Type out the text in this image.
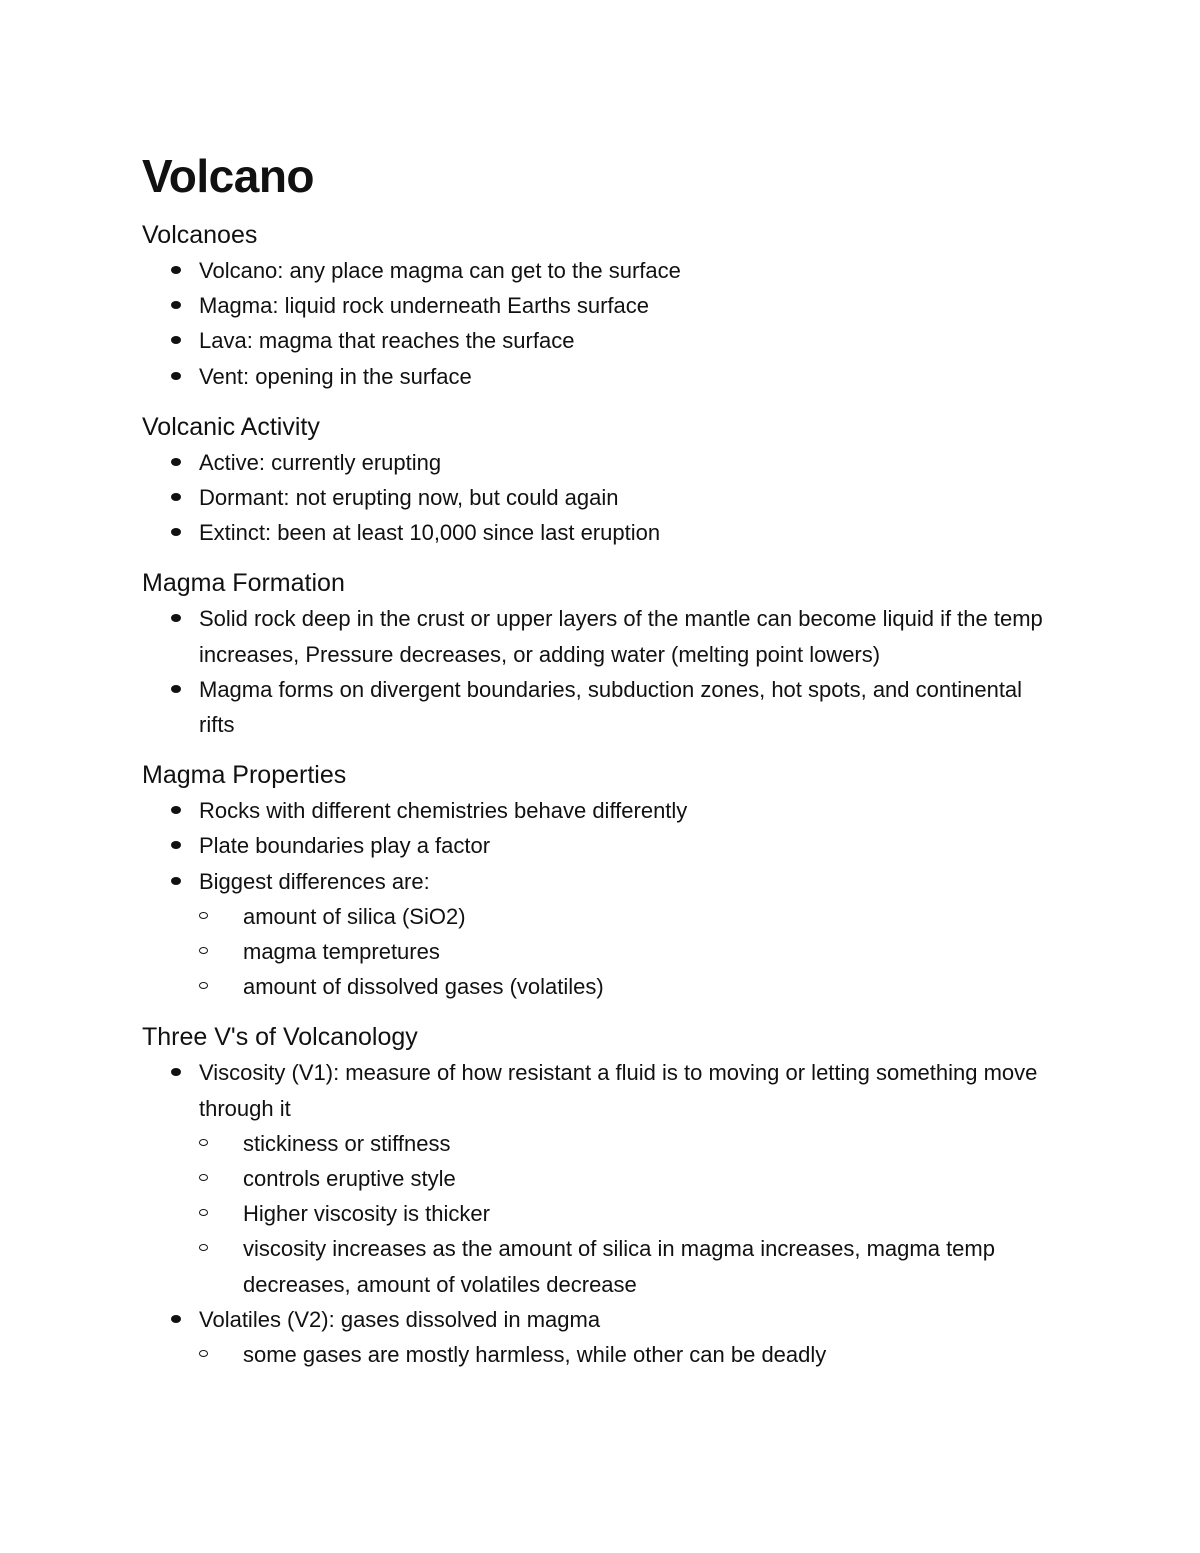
Volcano
Volcanoes
Volcano: any place magma can get to the surface
Magma: liquid rock underneath Earths surface
Lava: magma that reaches the surface
Vent: opening in the surface
Volcanic Activity
Active: currently erupting
Dormant: not erupting now, but could again
Extinct: been at least 10,000 since last eruption
Magma Formation
Solid rock deep in the crust or upper layers of the mantle can become liquid if the temp increases, Pressure decreases, or adding water (melting point lowers)
Magma forms on divergent boundaries, subduction zones, hot spots, and continental rifts
Magma Properties
Rocks with different chemistries behave differently
Plate boundaries play a factor
Biggest differences are:
amount of silica (SiO2)
magma tempretures
amount of dissolved gases (volatiles)
Three V's of Volcanology
Viscosity (V1): measure of how resistant a fluid is to moving or letting something move through it
stickiness or stiffness
controls eruptive style
Higher viscosity is thicker
viscosity increases as the amount of silica in magma increases, magma temp decreases, amount of volatiles decrease
Volatiles (V2): gases dissolved in magma
some gases are mostly harmless, while other can be deadly
